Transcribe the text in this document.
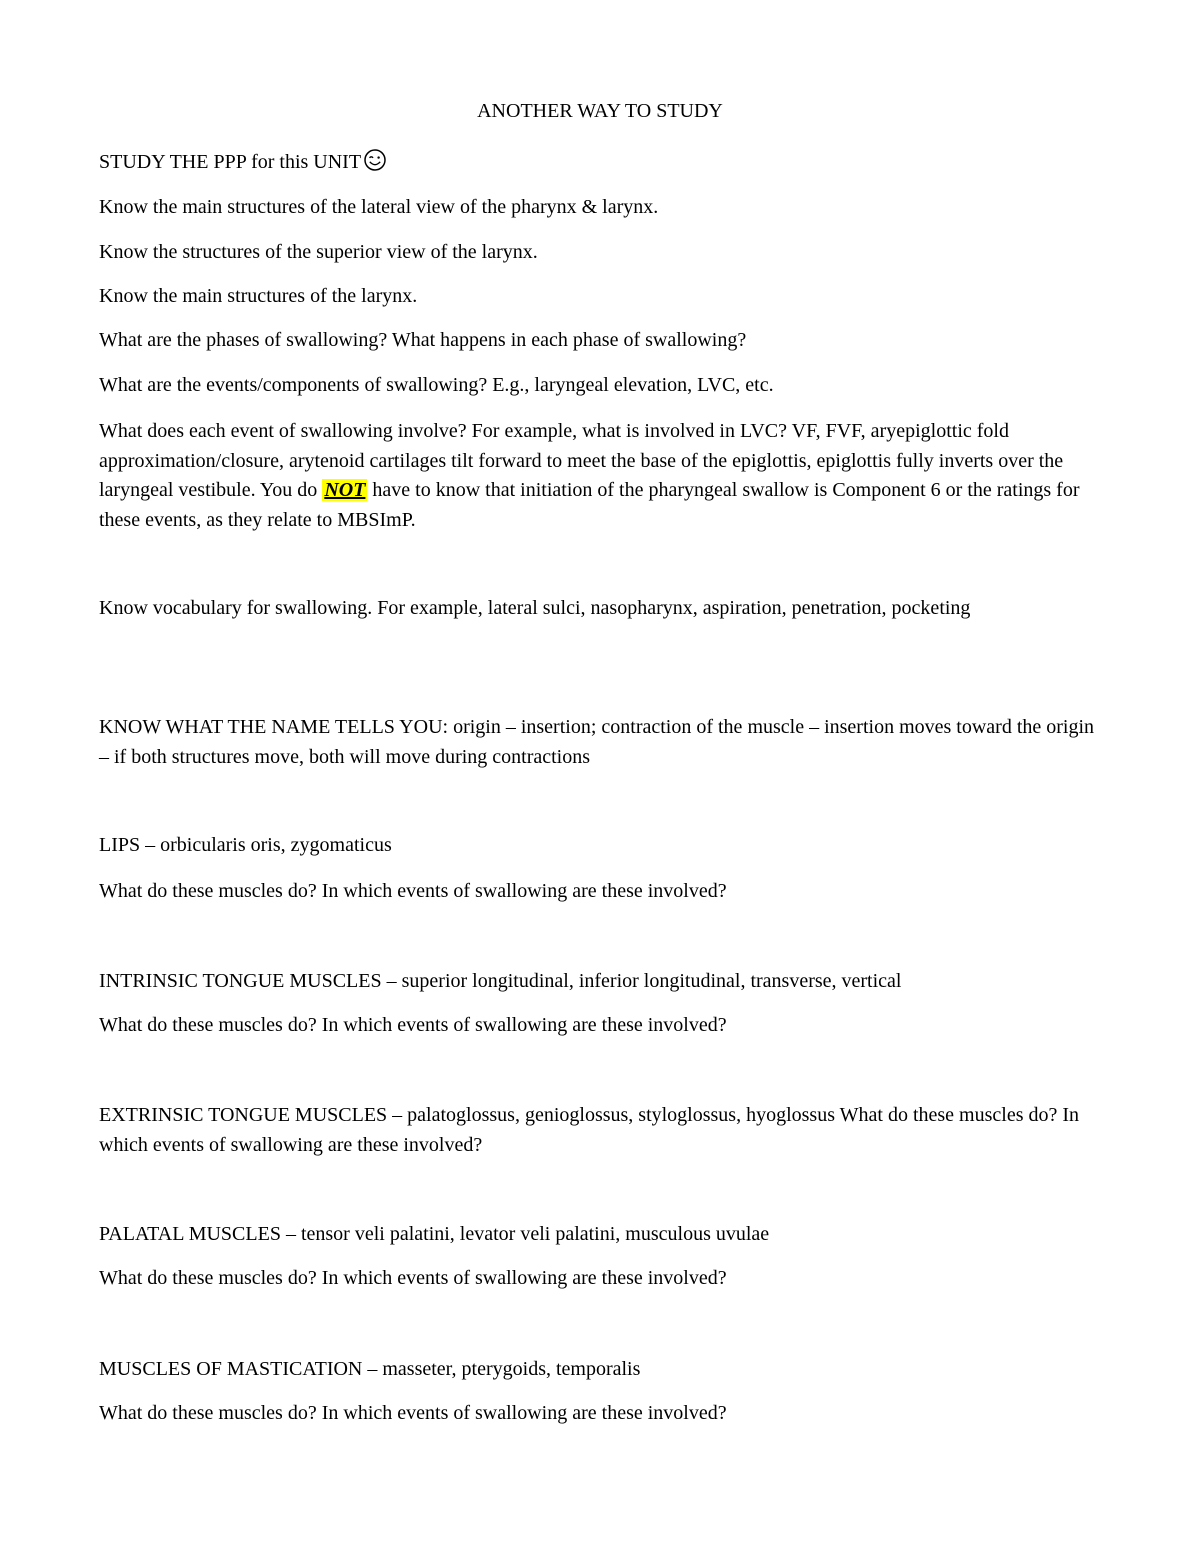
ANOTHER WAY TO STUDY

STUDY THE PPP for this UNIT

Know the main structures of the lateral view of the pharynx & larynx.

Know the structures of the superior view of the larynx.

Know the main structures of the larynx.

What are the phases of swallowing? What happens in each phase of swallowing?

What are the events/components of swallowing? E.g., laryngeal elevation, LVC, etc.

What does each event of swallowing involve? For example, what is involved in LVC? VF, FVF, aryepiglottic fold approximation/closure, arytenoid cartilages tilt forward to meet the base of the epiglottis, epiglottis fully inverts over the laryngeal vestibule. You do NOT have to know that initiation of the pharyngeal swallow is Component 6 or the ratings for these events, as they relate to MBSImP.

Know vocabulary for swallowing. For example, lateral sulci, nasopharynx, aspiration, penetration, pocketing

KNOW WHAT THE NAME TELLS YOU: origin – insertion; contraction of the muscle – insertion moves toward the origin – if both structures move, both will move during contractions

LIPS – orbicularis oris, zygomaticus

What do these muscles do? In which events of swallowing are these involved?

INTRINSIC TONGUE MUSCLES – superior longitudinal, inferior longitudinal, transverse, vertical

What do these muscles do? In which events of swallowing are these involved?

EXTRINSIC TONGUE MUSCLES – palatoglossus, genioglossus, styloglossus, hyoglossus What do these muscles do? In which events of swallowing are these involved?

PALATAL MUSCLES – tensor veli palatini, levator veli palatini, musculous uvulae

What do these muscles do? In which events of swallowing are these involved?

MUSCLES OF MASTICATION – masseter, pterygoids, temporalis

What do these muscles do? In which events of swallowing are these involved?
